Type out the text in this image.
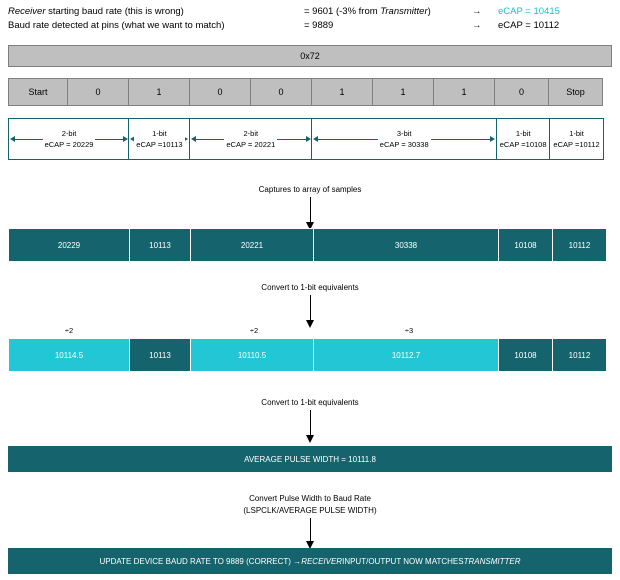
Receiver starting baud rate (this is wrong)	= 9601 (-3% from Transmitter)	→	eCAP = 10415
Baud rate detected at pins (what we want to match)	= 9889	→	eCAP = 10112
0x72
Start	0	1	0	0	1	1	1	0	Stop
2-bit
eCAP = 20229
1-bit
eCAP =10113
2-bit
eCAP = 20221
3-bit
eCAP = 30338
1-bit
eCAP =10108
1-bit
eCAP =10112
Captures to array of samples
20229	10113	20221	30338	10108	10112
Convert to 1-bit equivalents
÷2	÷2	÷3
10114.5	10113	10110.5	10112.7	10108	10112
Convert to 1-bit equivalents
AVERAGE PULSE WIDTH = 10111.8
Convert Pulse Width to Baud Rate
(LSPCLK/AVERAGE PULSE WIDTH)
UPDATE DEVICE BAUD RATE TO 9889 (CORRECT) → RECEIVER INPUT/OUTPUT NOW MATCHES TRANSMITTER
